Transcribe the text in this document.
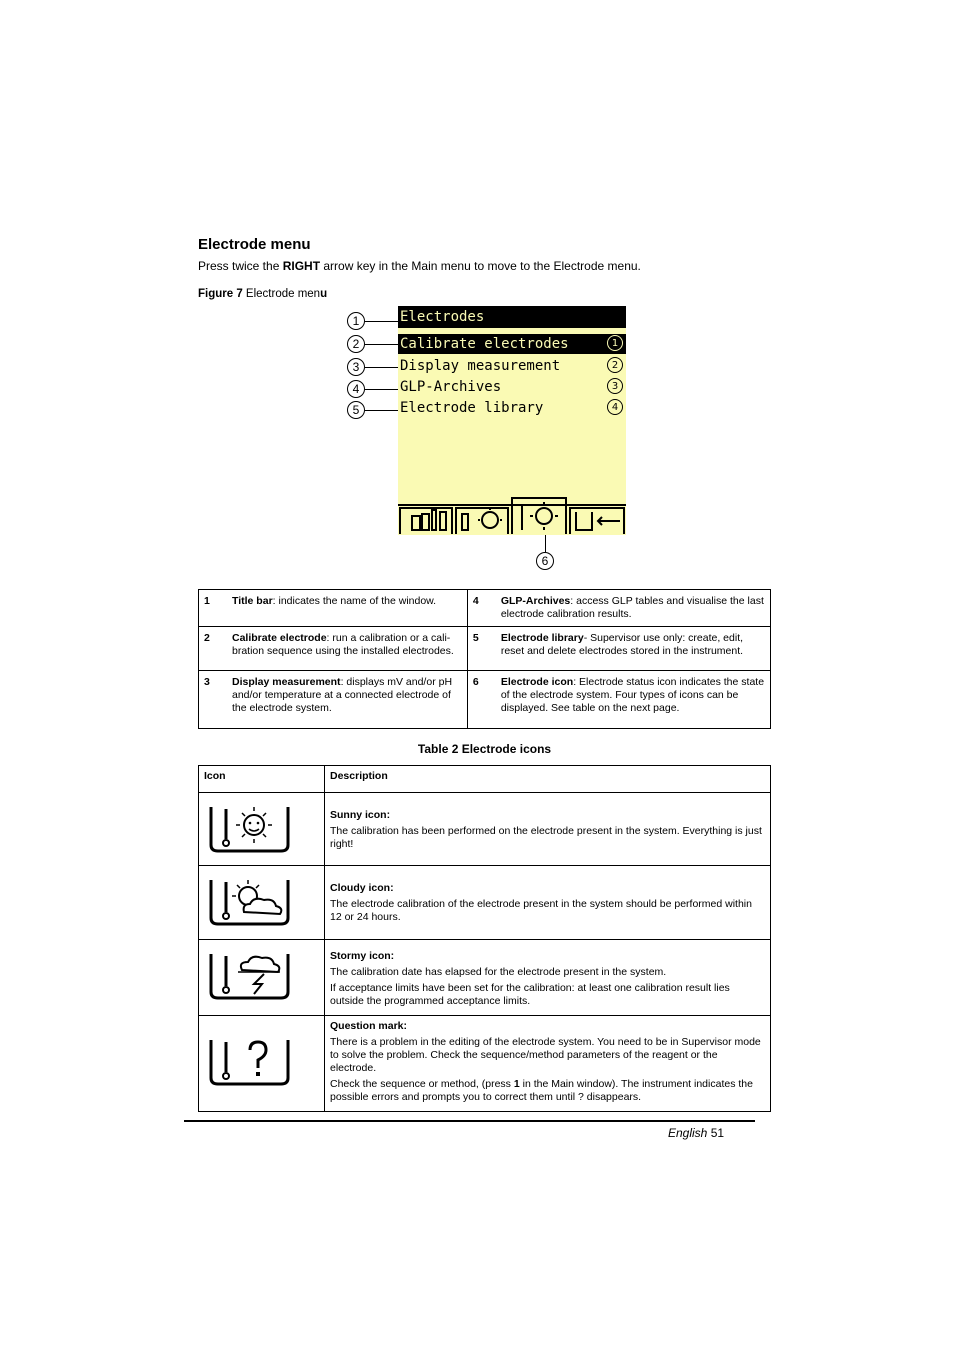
Electrode menu
Press twice the RIGHT arrow key in the Main menu to move to the Electrode menu.
Figure 7 Electrode menu
Electrodes
Calibrate electrodes	1
Display measurement	2
GLP-Archives	3
Electrode library	4
1
2
3
4
5
6
1	Title bar: indicates the name of the window.	4	GLP-Archives: access GLP tables and visualise the last electrode calibration results.
2	Calibrate electrode: run a calibration or a cali-bration sequence using the installed electrodes.	5	Electrode library- Supervisor use only: create, edit, reset and delete electrodes stored in the instrument.
3	Display measurement: displays mV and/or pH and/or temperature at a connected electrode of the electrode system.	6	Electrode icon: Electrode status icon indicates the state of the electrode system. Four types of icons can be displayed. See table on the next page.
Table 2 Electrode icons
Icon	Description

Sunny icon:

The calibration has been performed on the electrode present in the system. Everything is just right!

Cloudy icon:

The electrode calibration of the electrode present in the system should be performed within 12 or 24 hours.

Stormy icon:

The calibration date has elapsed for the electrode present in the system.

If acceptance limits have been set for the calibration: at least one calibration result lies outside the programmed acceptance limits.

Question mark:

There is a problem in the editing of the electrode system. You need to be in Supervisor mode to solve the problem. Check the sequence/method parameters of the reagent or the electrode.

Check the sequence or method, (press 1 in the Main window). The instrument indicates the possible errors and prompts you to correct them until ? disappears.

English 51
